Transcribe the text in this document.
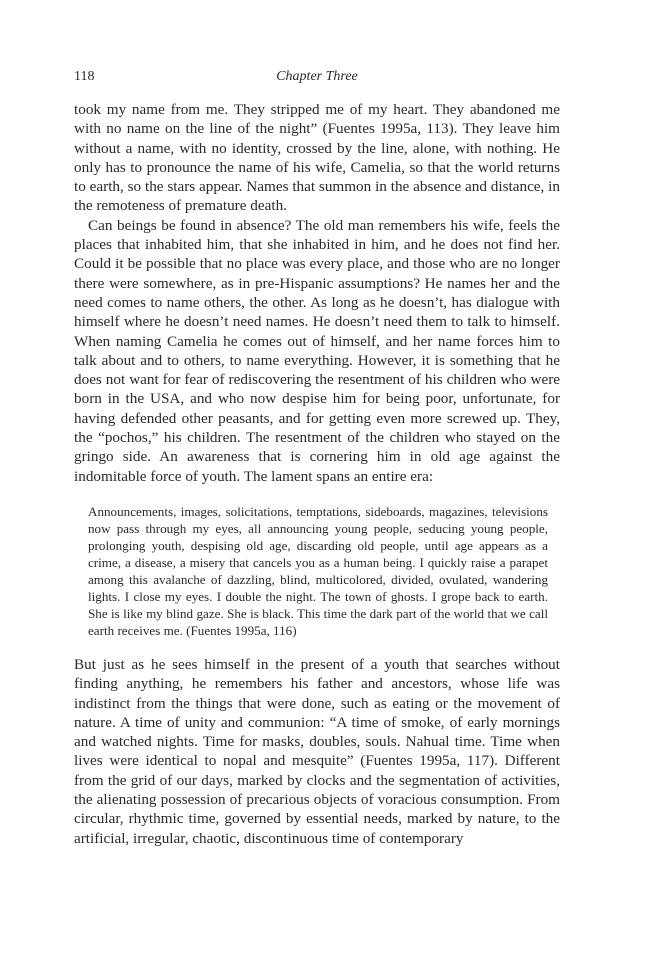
118	Chapter Three

took my name from me. They stripped me of my heart. They abandoned me with no name on the line of the night” (Fuentes 1995a, 113). They leave him without a name, with no identity, crossed by the line, alone, with nothing. He only has to pronounce the name of his wife, Camelia, so that the world returns to earth, so the stars appear. Names that summon in the absence and distance, in the remoteness of premature death.

Can beings be found in absence? The old man remembers his wife, feels the places that inhabited him, that she inhabited in him, and he does not find her. Could it be possible that no place was every place, and those who are no longer there were somewhere, as in pre-Hispanic assumptions? He names her and the need comes to name others, the other. As long as he doesn’t, has dialogue with himself where he doesn’t need names. He doesn’t need them to talk to himself. When naming Camelia he comes out of himself, and her name forces him to talk about and to others, to name everything. However, it is something that he does not want for fear of rediscovering the resentment of his children who were born in the USA, and who now despise him for being poor, unfortunate, for having defended other peasants, and for getting even more screwed up. They, the “pochos,” his children. The resentment of the children who stayed on the gringo side. An awareness that is cornering him in old age against the indomitable force of youth. The lament spans an entire era:

Announcements, images, solicitations, temptations, sideboards, magazines, televisions now pass through my eyes, all announcing young people, seducing young people, prolonging youth, despising old age, discarding old people, until age appears as a crime, a disease, a misery that cancels you as a human being. I quickly raise a parapet among this avalanche of dazzling, blind, multicolored, divided, ovulated, wandering lights. I close my eyes. I double the night. The town of ghosts. I grope back to earth. She is like my blind gaze. She is black. This time the dark part of the world that we call earth receives me. (Fuentes 1995a, 116)

But just as he sees himself in the present of a youth that searches without finding anything, he remembers his father and ancestors, whose life was indistinct from the things that were done, such as eating or the movement of nature. A time of unity and communion: “A time of smoke, of early mornings and watched nights. Time for masks, doubles, souls. Nahual time. Time when lives were identical to nopal and mesquite” (Fuentes 1995a, 117). Different from the grid of our days, marked by clocks and the segmentation of activities, the alienating possession of precarious objects of voracious consumption. From circular, rhythmic time, governed by essential needs, marked by nature, to the artificial, irregular, chaotic, discontinuous time of contemporary
